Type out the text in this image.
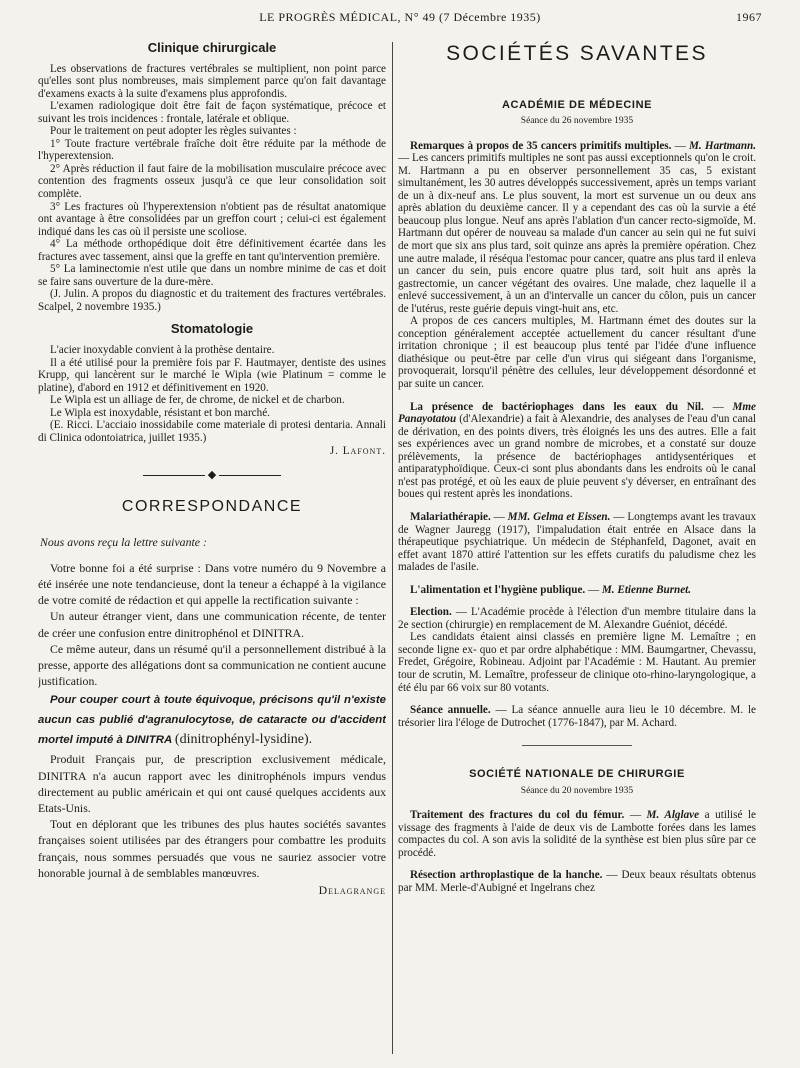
LE PROGRÈS MÉDICAL, N° 49 (7 Décembre 1935)	1967
Clinique chirurgicale

Les observations de fractures vertébrales se multiplient, non point parce qu'elles sont plus nombreuses, mais simplement parce qu'on fait davantage d'examens exacts à la suite d'examens plus approfondis.

L'examen radiologique doit être fait de façon systématique, précoce et suivant les trois incidences : frontale, latérale et oblique.

Pour le traitement on peut adopter les règles suivantes :

1° Toute fracture vertébrale fraîche doit être réduite par la méthode de l'hyperextension.

2° Après réduction il faut faire de la mobilisation musculaire précoce avec contention des fragments osseux jusqu'à ce que leur consolidation soit complète.

3° Les fractures où l'hyperextension n'obtient pas de résultat anatomique ont avantage à être consolidées par un greffon court ; celui-ci est également indiqué dans les cas où il persiste une scoliose.

4° La méthode orthopédique doit être définitivement écartée dans les fractures avec tassement, ainsi que la greffe en tant qu'intervention première.

5° La laminectomie n'est utile que dans un nombre minime de cas et doit se faire sans ouverture de la dure-mère.

(J. Julin. A propos du diagnostic et du traitement des fractures vertébrales. Scalpel, 2 novembre 1935.)

Stomatologie

L'acier inoxydable convient à la prothèse dentaire.

Il a été utilisé pour la première fois par F. Hautmayer, dentiste des usines Krupp, qui lancèrent sur le marché le Wipla (wie Platinum = comme le platine), d'abord en 1912 et définitivement en 1920.

Le Wipla est un alliage de fer, de chrome, de nickel et de charbon.

Le Wipla est inoxydable, résistant et bon marché.

(E. Ricci. L'acciaio inossidabile come materiale di protesi dentaria. Annali di Clinica odontoiatrica, juillet 1935.)

J. Lafont.
◆
CORRESPONDANCE

Nous avons reçu la lettre suivante :

Votre bonne foi a été surprise : Dans votre numéro du 9 Novembre a été insérée une note tendancieuse, dont la teneur a échappé à la vigilance de votre comité de rédaction et qui appelle la rectification suivante :

Un auteur étranger vient, dans une communication récente, de tenter de créer une confusion entre dinitrophénol et DINITRA.

Ce même auteur, dans un résumé qu'il a personnellement distribué à la presse, apporte des allégations dont sa communication ne contient aucune justification.

Pour couper court à toute équivoque, précisons qu'il n'existe aucun cas publié d'agranulocytose, de cataracte ou d'accident mortel imputé à DINITRA (dinitrophényl-lysidine).

Produit Français pur, de prescription exclusivement médicale, DINITRA n'a aucun rapport avec les dinitrophénols impurs vendus directement au public américain et qui ont causé quelques accidents aux Etats-Unis.

Tout en déplorant que les tribunes des plus hautes sociétés savantes françaises soient utilisées par des étrangers pour combattre les produits français, nous sommes persuadés que vous ne sauriez associer votre honorable journal à de semblables manœuvres.

Delagrange
SOCIÉTÉS SAVANTES
ACADÉMIE DE MÉDECINE
Séance du 26 novembre 1935

Remarques à propos de 35 cancers primitifs multiples. — M. Hartmann. — Les cancers primitifs multiples ne sont pas aussi exceptionnels qu'on le croit. M. Hartmann a pu en observer personnellement 35 cas, 5 existant simultanément, les 30 autres développés successivement, après un temps variant de un à dix-neuf ans. Le plus souvent, la mort est survenue un ou deux ans après ablation du deuxième cancer. Il y a cependant des cas où la survie a été beaucoup plus longue. Neuf ans après l'ablation d'un cancer recto-sigmoïde, M. Hartmann dut opérer de nouveau sa malade d'un cancer au sein qui ne fut suivi de mort que six ans plus tard, soit quinze ans après la première opération. Chez une autre malade, il réséqua l'estomac pour cancer, quatre ans plus tard il enleva un cancer du sein, puis encore quatre plus tard, soit huit ans après la gastrectomie, un cancer végétant des ovaires. Une malade, chez laquelle il a enlevé successivement, à un an d'intervalle un cancer du côlon, puis un cancer de l'utérus, reste guérie depuis vingt-huit ans, etc.

A propos de ces cancers multiples, M. Hartmann émet des doutes sur la conception généralement acceptée actuellement du cancer résultant d'une irritation chronique ; il est beaucoup plus tenté par l'idée d'une influence diathésique ou peut-être par celle d'un virus qui siégeant dans l'organisme, provoquerait, lorsqu'il pénètre des cellules, leur développement désordonné et par suite un cancer.

La présence de bactériophages dans les eaux du Nil. — Mme Panayotatou (d'Alexandrie) a fait à Alexandrie, des analyses de l'eau d'un canal de dérivation, en des points divers, très éloignés les uns des autres. Elle a fait ses expériences avec un grand nombre de microbes, et a constaté sur douze prélèvements, la présence de bactériophages antidysentériques et antiparatyphoïdique. Ceux-ci sont plus abondants dans les endroits où le canal n'est pas protégé, et où les eaux de pluie peuvent s'y déverser, en entraînant des boues qui restent après les inondations.

Malariathérapie. — MM. Gelma et Eissen. — Longtemps avant les travaux de Wagner Jauregg (1917), l'impaludation était entrée en Alsace dans la thérapeutique psychiatrique. Un médecin de Stéphanfeld, Dagonet, avait en effet avant 1870 attiré l'attention sur les effets curatifs du paludisme chez les malades de l'asile.

L'alimentation et l'hygiène publique. — M. Etienne Burnet.

Election. — L'Académie procède à l'élection d'un membre titulaire dans la 2e section (chirurgie) en remplacement de M. Alexandre Guéniot, décédé.

Les candidats étaient ainsi classés en première ligne M. Lemaître ; en seconde ligne ex- quo et par ordre alphabétique : MM. Baumgartner, Chevassu, Fredet, Grégoire, Robineau. Adjoint par l'Académie : M. Hautant. Au premier tour de scrutin, M. Lemaître, professeur de clinique oto-rhino-laryngologique, a été élu par 66 voix sur 80 votants.

Séance annuelle. — La séance annuelle aura lieu le 10 décembre. M. le trésorier lira l'éloge de Dutrochet (1776-1847), par M. Achard.

SOCIÉTÉ NATIONALE DE CHIRURGIE
Séance du 20 novembre 1935

Traitement des fractures du col du fémur. — M. Alglave a utilisé le vissage des fragments à l'aide de deux vis de Lambotte forées dans les lames compactes du col. A son avis la solidité de la synthèse est bien plus sûre par ce procédé.

Résection arthroplastique de la hanche. — Deux beaux résultats obtenus par MM. Merle-d'Aubigné et Ingelrans chez
